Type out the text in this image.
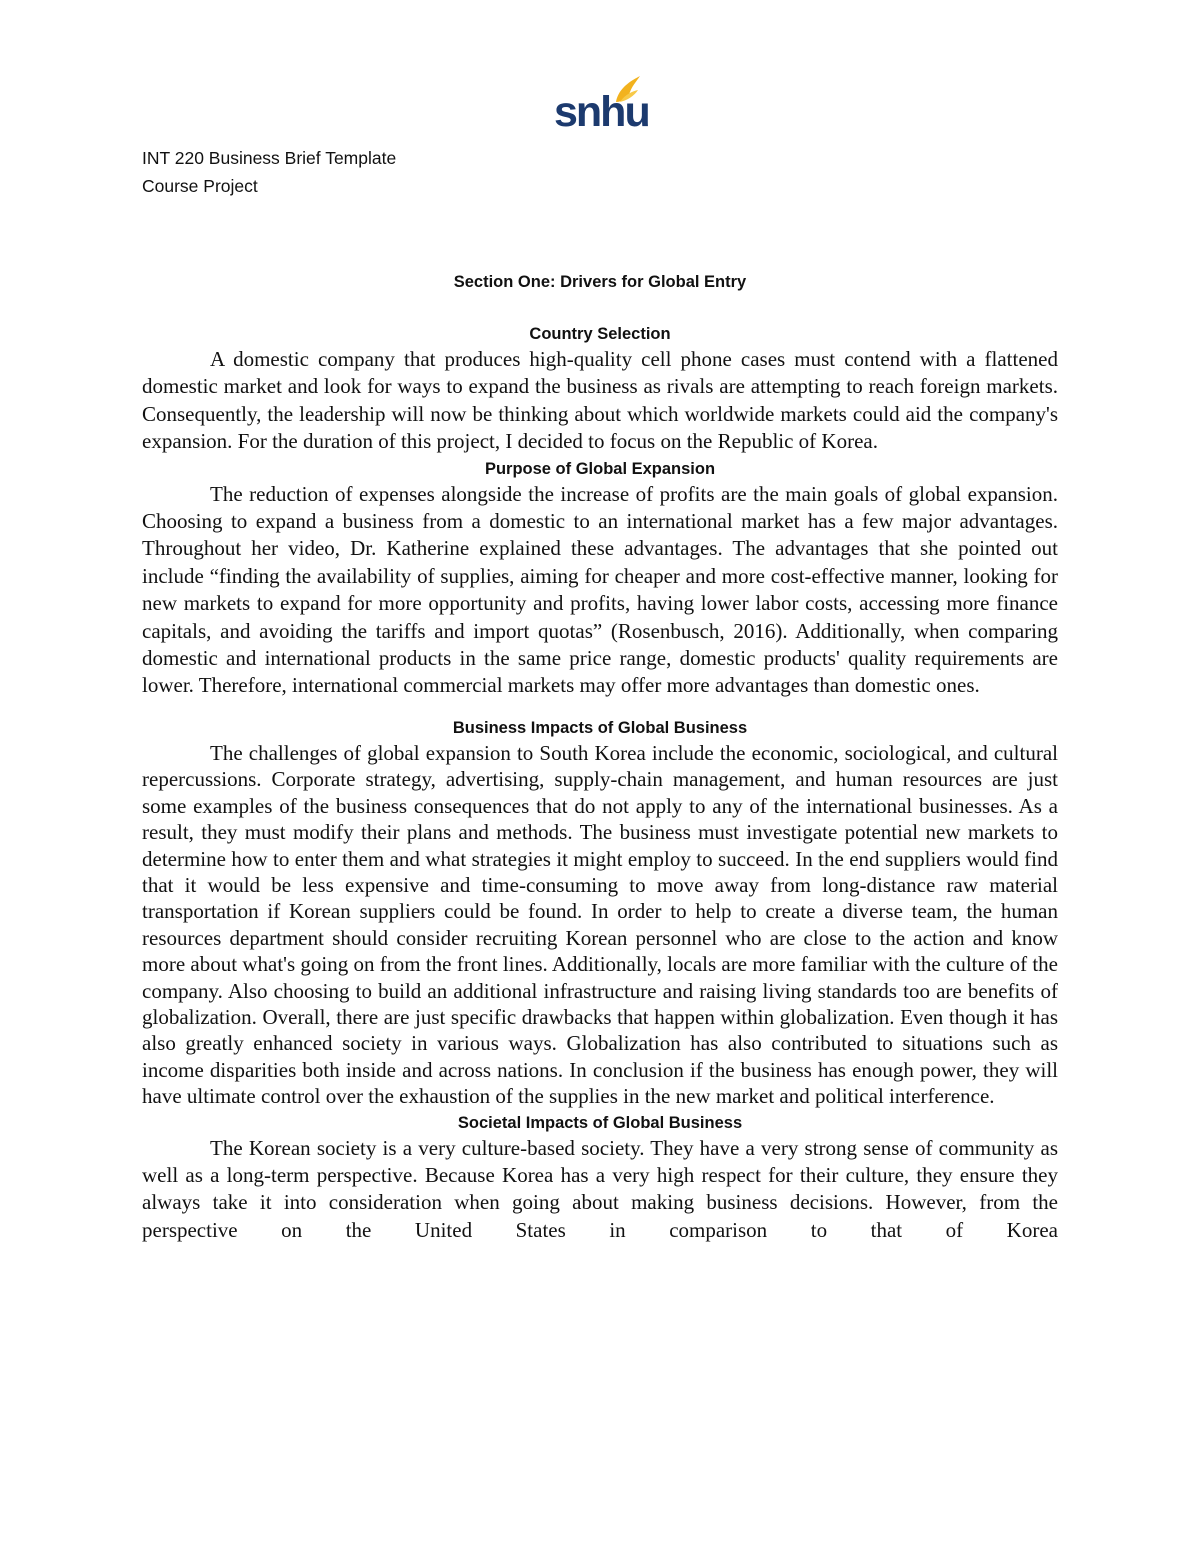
snhu
INT 220 Business Brief Template
Course Project
Section One: Drivers for Global Entry
Country Selection

A domestic company that produces high-quality cell phone cases must contend with a flattened domestic market and look for ways to expand the business as rivals are attempting to reach foreign markets. Consequently, the leadership will now be thinking about which worldwide markets could aid the company's expansion. For the duration of this project, I decided to focus on the Republic of Korea.

Purpose of Global Expansion

The reduction of expenses alongside the increase of profits are the main goals of global expansion. Choosing to expand a business from a domestic to an international market has a few major advantages. Throughout her video, Dr. Katherine explained these advantages. The advantages that she pointed out include “finding the availability of supplies, aiming for cheaper and more cost-effective manner, looking for new markets to expand for more opportunity and profits, having lower labor costs, accessing more finance capitals, and avoiding the tariffs and import quotas” (Rosenbusch, 2016). Additionally, when comparing domestic and international products in the same price range, domestic products' quality requirements are lower. Therefore, international commercial markets may offer more advantages than domestic ones.

Business Impacts of Global Business

The challenges of global expansion to South Korea include the economic, sociological, and cultural repercussions. Corporate strategy, advertising, supply-chain management, and human resources are just some examples of the business consequences that do not apply to any of the international businesses. As a result, they must modify their plans and methods. The business must investigate potential new markets to determine how to enter them and what strategies it might employ to succeed. In the end suppliers would find that it would be less expensive and time-consuming to move away from long-distance raw material transportation if Korean suppliers could be found. In order to help to create a diverse team, the human resources department should consider recruiting Korean personnel who are close to the action and know more about what's going on from the front lines. Additionally, locals are more familiar with the culture of the company. Also choosing to build an additional infrastructure and raising living standards too are benefits of globalization. Overall, there are just specific drawbacks that happen within globalization. Even though it has also greatly enhanced society in various ways. Globalization has also contributed to situations such as income disparities both inside and across nations. In conclusion if the business has enough power, they will have ultimate control over the exhaustion of the supplies in the new market and political interference.

Societal Impacts of Global Business

The Korean society is a very culture-based society. They have a very strong sense of community as well as a long-term perspective. Because Korea has a very high respect for their culture, they ensure they always take it into consideration when going about making business decisions. However, from the perspective on the United States in comparison to that of Korea
